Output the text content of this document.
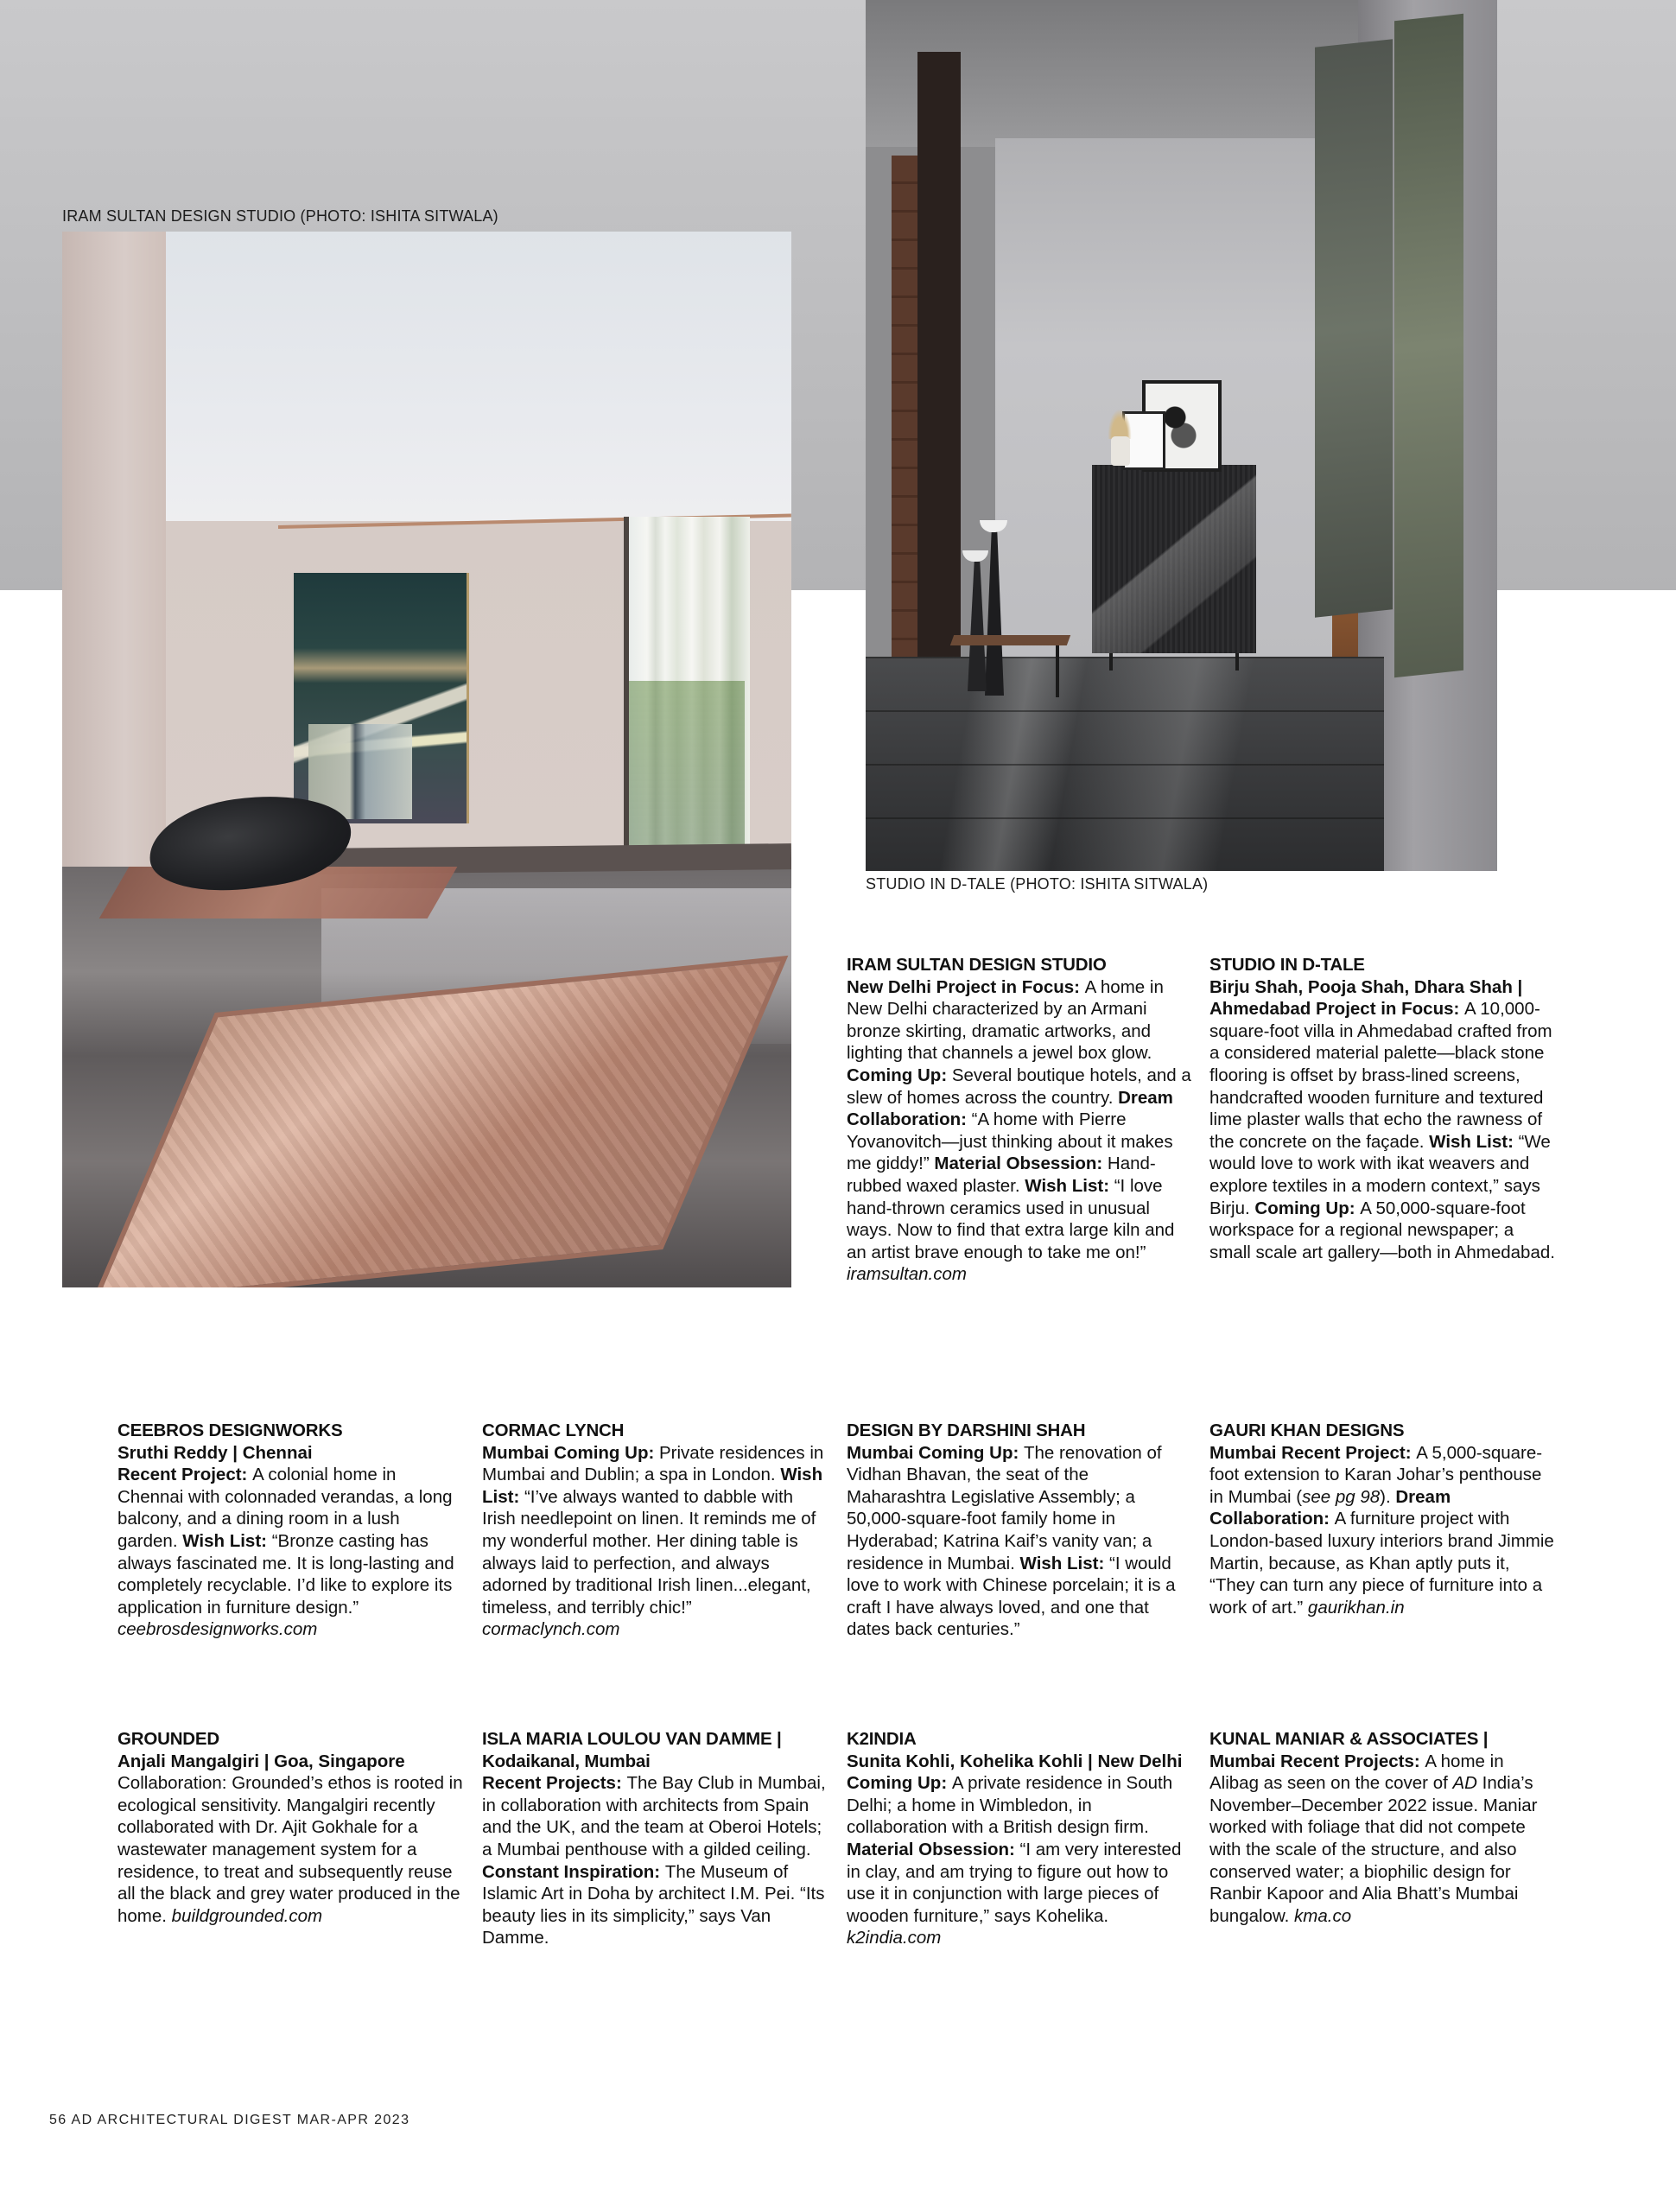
IRAM SULTAN DESIGN STUDIO (PHOTO: ISHITA SITWALA)
STUDIO IN D-TALE (PHOTO: ISHITA SITWALA)
IRAM SULTAN DESIGN STUDIO
New Delhi Project in Focus: A home in New Delhi characterized by an Armani bronze skirting, dramatic artworks, and lighting that channels a jewel box glow. Coming Up: Several boutique hotels, and a slew of homes across the country. Dream Collaboration: “A home with Pierre Yovanovitch—just thinking about it makes me giddy!” Material Obsession: Hand-rubbed waxed plaster. Wish List: “I love hand-thrown ceramics used in unusual ways. Now to find that extra large kiln and an artist brave enough to take me on!” iramsultan.com
STUDIO IN D-TALE
Birju Shah, Pooja Shah, Dhara Shah | Ahmedabad Project in Focus: A 10,000-square-foot villa in Ahmedabad crafted from a considered material palette—black stone flooring is offset by brass-lined screens, handcrafted wooden furniture and textured lime plaster walls that echo the rawness of the concrete on the façade. Wish List: “We would love to work with ikat weavers and explore textiles in a modern context,” says Birju. Coming Up: A 50,000-square-foot workspace for a regional newspaper; a small scale art gallery—both in Ahmedabad.
CEEBROS DESIGNWORKS
Sruthi Reddy | Chennai
Recent Project: A colonial home in Chennai with colonnaded verandas, a long balcony, and a dining room in a lush garden. Wish List: “Bronze casting has always fascinated me. It is long-lasting and completely recyclable. I’d like to explore its application in furniture design.” ceebrosdesignworks.com
CORMAC LYNCH
Mumbai Coming Up: Private residences in Mumbai and Dublin; a spa in London. Wish List: “I’ve always wanted to dabble with Irish needlepoint on linen. It reminds me of my wonderful mother. Her dining table is always laid to perfection, and always adorned by traditional Irish linen...elegant, timeless, and terribly chic!” cormaclynch.com
DESIGN BY DARSHINI SHAH
Mumbai Coming Up: The renovation of Vidhan Bhavan, the seat of the Maharashtra Legislative Assembly; a 50,000-square-foot family home in Hyderabad; Katrina Kaif’s vanity van; a residence in Mumbai. Wish List: “I would love to work with Chinese porcelain; it is a craft I have always loved, and one that dates back centuries.”
GAURI KHAN DESIGNS
Mumbai Recent Project: A 5,000-square-foot extension to Karan Johar’s penthouse in Mumbai (see pg 98). Dream Collaboration: A furniture project with London-based luxury interiors brand Jimmie Martin, because, as Khan aptly puts it, “They can turn any piece of furniture into a work of art.” gaurikhan.in
GROUNDED
Anjali Mangalgiri | Goa, Singapore Collaboration: Grounded’s ethos is rooted in ecological sensitivity. Mangalgiri recently collaborated with Dr. Ajit Gokhale for a wastewater management system for a residence, to treat and subsequently reuse all the black and grey water produced in the home. buildgrounded.com
ISLA MARIA LOULOU VAN DAMME | Kodaikanal, Mumbai
Recent Projects: The Bay Club in Mumbai, in collaboration with architects from Spain and the UK, and the team at Oberoi Hotels; a Mumbai penthouse with a gilded ceiling. Constant Inspiration: The Museum of Islamic Art in Doha by architect I.M. Pei. “Its beauty lies in its simplicity,” says Van Damme.
K2INDIA
Sunita Kohli, Kohelika Kohli | New Delhi Coming Up: A private residence in South Delhi; a home in Wimbledon, in collaboration with a British design firm. Material Obsession: “I am very interested in clay, and am trying to figure out how to use it in conjunction with large pieces of wooden furniture,” says Kohelika. k2india.com
KUNAL MANIAR & ASSOCIATES | Mumbai Recent Projects: A home in Alibag as seen on the cover of AD India’s November–December 2022 issue. Maniar worked with foliage that did not compete with the scale of the structure, and also conserved water; a biophilic design for Ranbir Kapoor and Alia Bhatt’s Mumbai bungalow. kma.co
56 AD ARCHITECTURAL DIGEST MAR-APR 2023
